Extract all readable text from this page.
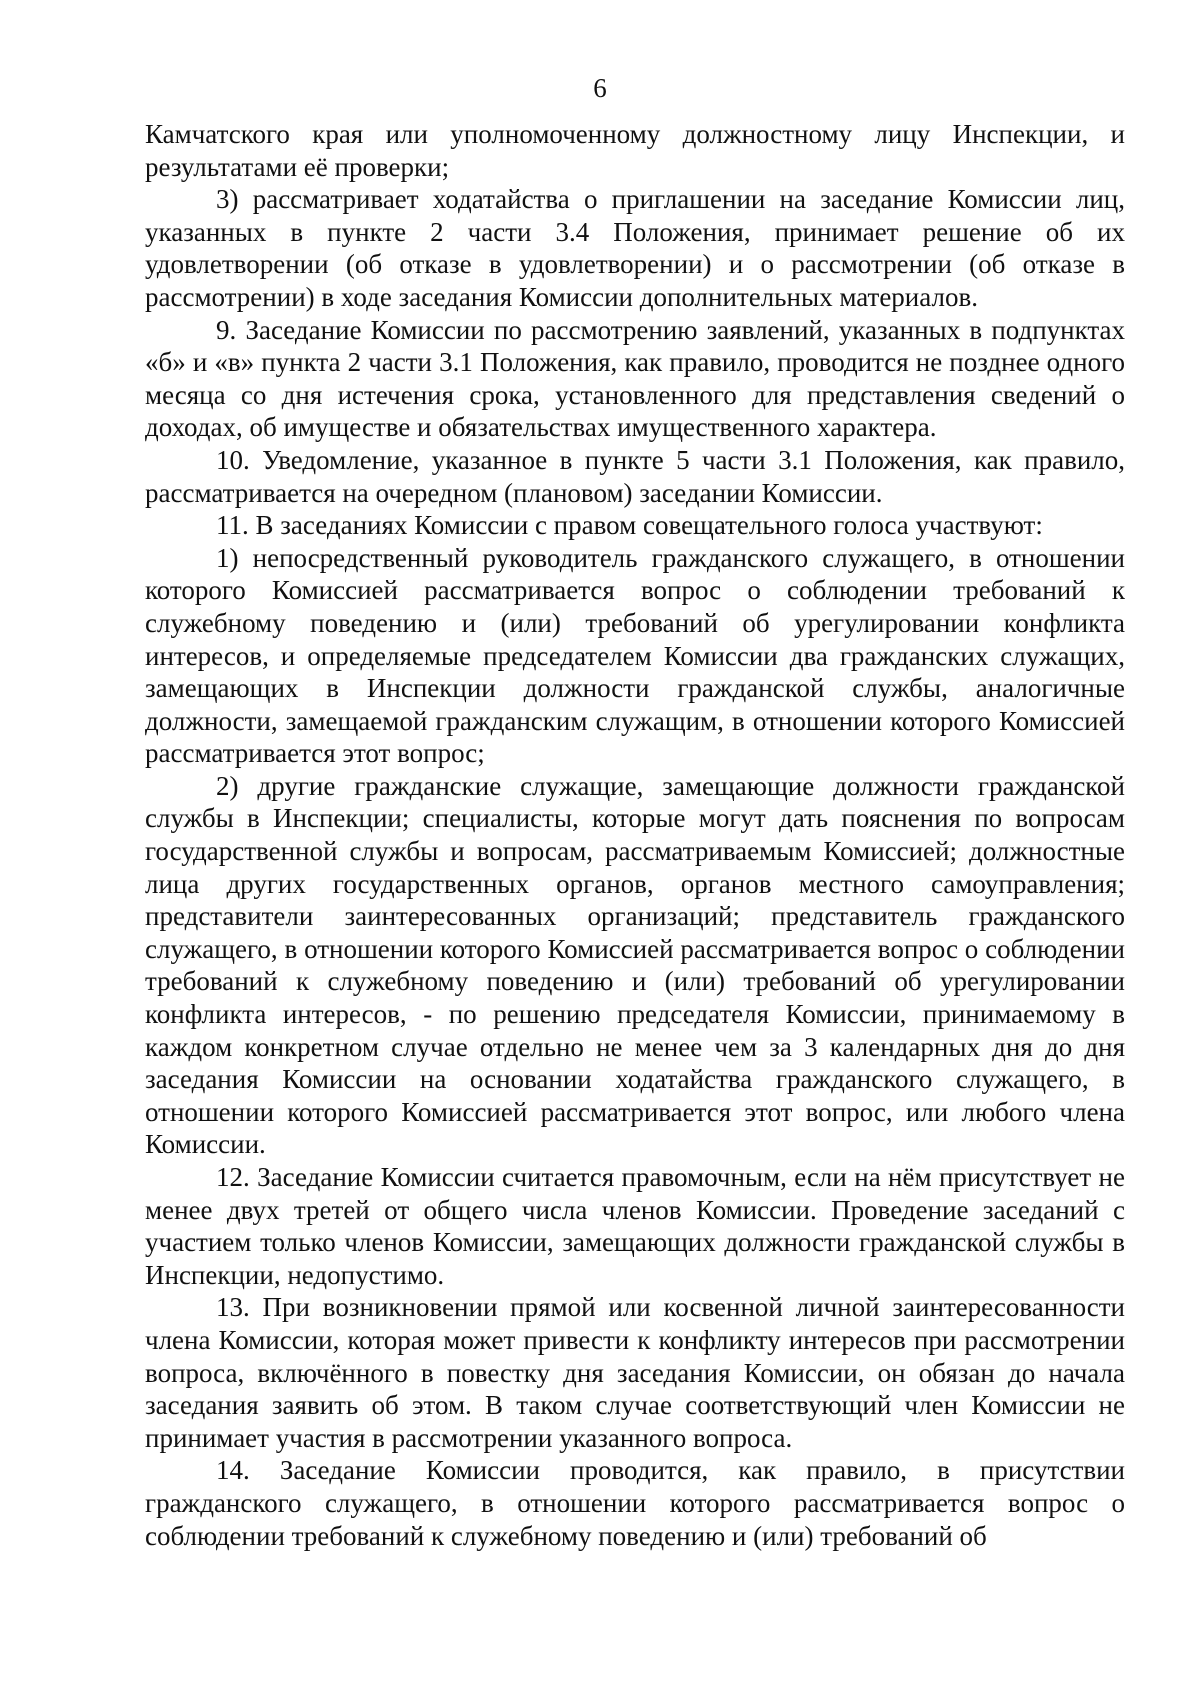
6

Камчатского края или уполномоченному должностному лицу Инспекции, и результатами её проверки;

3) рассматривает ходатайства о приглашении на заседание Комиссии лиц, указанных в пункте 2 части 3.4 Положения, принимает решение об их удовлетворении (об отказе в удовлетворении) и о рассмотрении (об отказе в рассмотрении) в ходе заседания Комиссии дополнительных материалов.

9. Заседание Комиссии по рассмотрению заявлений, указанных в подпунктах «б» и «в» пункта 2 части 3.1 Положения, как правило, проводится не позднее одного месяца со дня истечения срока, установленного для представления сведений о доходах, об имуществе и обязательствах имущественного характера.

10. Уведомление, указанное в пункте 5 части 3.1 Положения, как правило, рассматривается на очередном (плановом) заседании Комиссии.

11. В заседаниях Комиссии с правом совещательного голоса участвуют:

1) непосредственный руководитель гражданского служащего, в отношении которого Комиссией рассматривается вопрос о соблюдении требований к служебному поведению и (или) требований об урегулировании конфликта интересов, и определяемые председателем Комиссии два гражданских служащих, замещающих в Инспекции должности гражданской службы, аналогичные должности, замещаемой гражданским служащим, в отношении которого Комиссией рассматривается этот вопрос;

2) другие гражданские служащие, замещающие должности гражданской службы в Инспекции; специалисты, которые могут дать пояснения по вопросам государственной службы и вопросам, рассматриваемым Комиссией; должностные лица других государственных органов, органов местного самоуправления; представители заинтересованных организаций; представитель гражданского служащего, в отношении которого Комиссией рассматривается вопрос о соблюдении требований к служебному поведению и (или) требований об урегулировании конфликта интересов, - по решению председателя Комиссии, принимаемому в каждом конкретном случае отдельно не менее чем за 3 календарных дня до дня заседания Комиссии на основании ходатайства гражданского служащего, в отношении которого Комиссией рассматривается этот вопрос, или любого члена Комиссии.

12. Заседание Комиссии считается правомочным, если на нём присутствует не менее двух третей от общего числа членов Комиссии. Проведение заседаний с участием только членов Комиссии, замещающих должности гражданской службы в Инспекции, недопустимо.

13. При возникновении прямой или косвенной личной заинтересованности члена Комиссии, которая может привести к конфликту интересов при рассмотрении вопроса, включённого в повестку дня заседания Комиссии, он обязан до начала заседания заявить об этом. В таком случае соответствующий член Комиссии не принимает участия в рассмотрении указанного вопроса.

14. Заседание Комиссии проводится, как правило, в присутствии гражданского служащего, в отношении которого рассматривается вопрос о соблюдении требований к служебному поведению и (или) требований об
